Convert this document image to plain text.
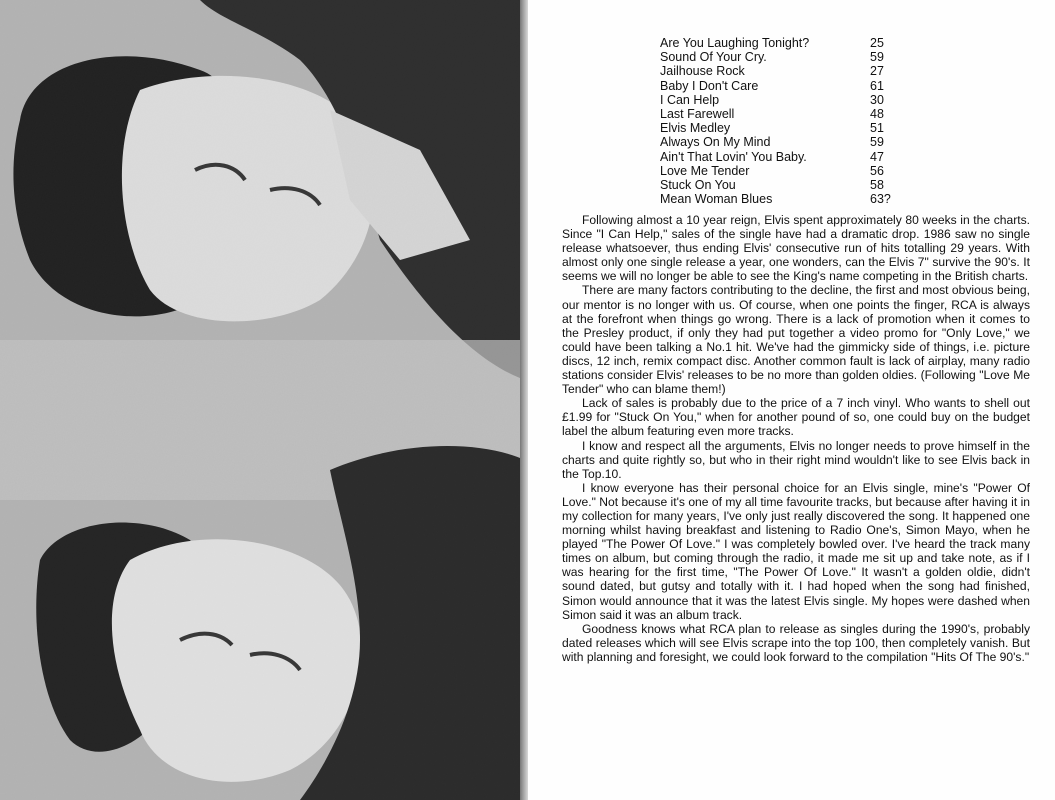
Are You Laughing Tonight?	25
Sound Of Your Cry.	59
Jailhouse Rock	27
Baby I Don't Care	61
I Can Help	30
Last Farewell	48
Elvis Medley	51
Always On My Mind	59
Ain't That Lovin' You Baby.	47
Love Me Tender	56
Stuck On You	58
Mean Woman Blues	63?

Following almost a 10 year reign, Elvis spent approximately 80 weeks in the charts. Since "I Can Help," sales of the single have had a dramatic drop. 1986 saw no single release whatsoever, thus ending Elvis' consecutive run of hits totalling 29 years. With almost only one single release a year, one wonders, can the Elvis 7" survive the 90's. It seems we will no longer be able to see the King's name competing in the British charts.

There are many factors contributing to the decline, the first and most obvious being, our mentor is no longer with us. Of course, when one points the finger, RCA is always at the forefront when things go wrong. There is a lack of promotion when it comes to the Presley product, if only they had put together a video promo for "Only Love," we could have been talking a No.1 hit. We've had the gimmicky side of things, i.e. picture discs, 12 inch, remix compact disc. Another common fault is lack of airplay, many radio stations consider Elvis' releases to be no more than golden oldies. (Following "Love Me Tender" who can blame them!)

Lack of sales is probably due to the price of a 7 inch vinyl. Who wants to shell out £1.99 for "Stuck On You," when for another pound of so, one could buy on the budget label the album featuring even more tracks.

I know and respect all the arguments, Elvis no longer needs to prove himself in the charts and quite rightly so, but who in their right mind wouldn't like to see Elvis back in the Top.10.

I know everyone has their personal choice for an Elvis single, mine's "Power Of Love." Not because it's one of my all time favourite tracks, but because after having it in my collection for many years, I've only just really discovered the song. It happened one morning whilst having breakfast and listening to Radio One's, Simon Mayo, when he played "The Power Of Love." I was completely bowled over. I've heard the track many times on album, but coming through the radio, it made me sit up and take note, as if I was hearing for the first time, "The Power Of Love." It wasn't a golden oldie, didn't sound dated, but gutsy and totally with it. I had hoped when the song had finished, Simon would announce that it was the latest Elvis single. My hopes were dashed when Simon said it was an album track.

Goodness knows what RCA plan to release as singles during the 1990's, probably dated releases which will see Elvis scrape into the top 100, then completely vanish. But with planning and foresight, we could look forward to the compilation "Hits Of The 90's."
